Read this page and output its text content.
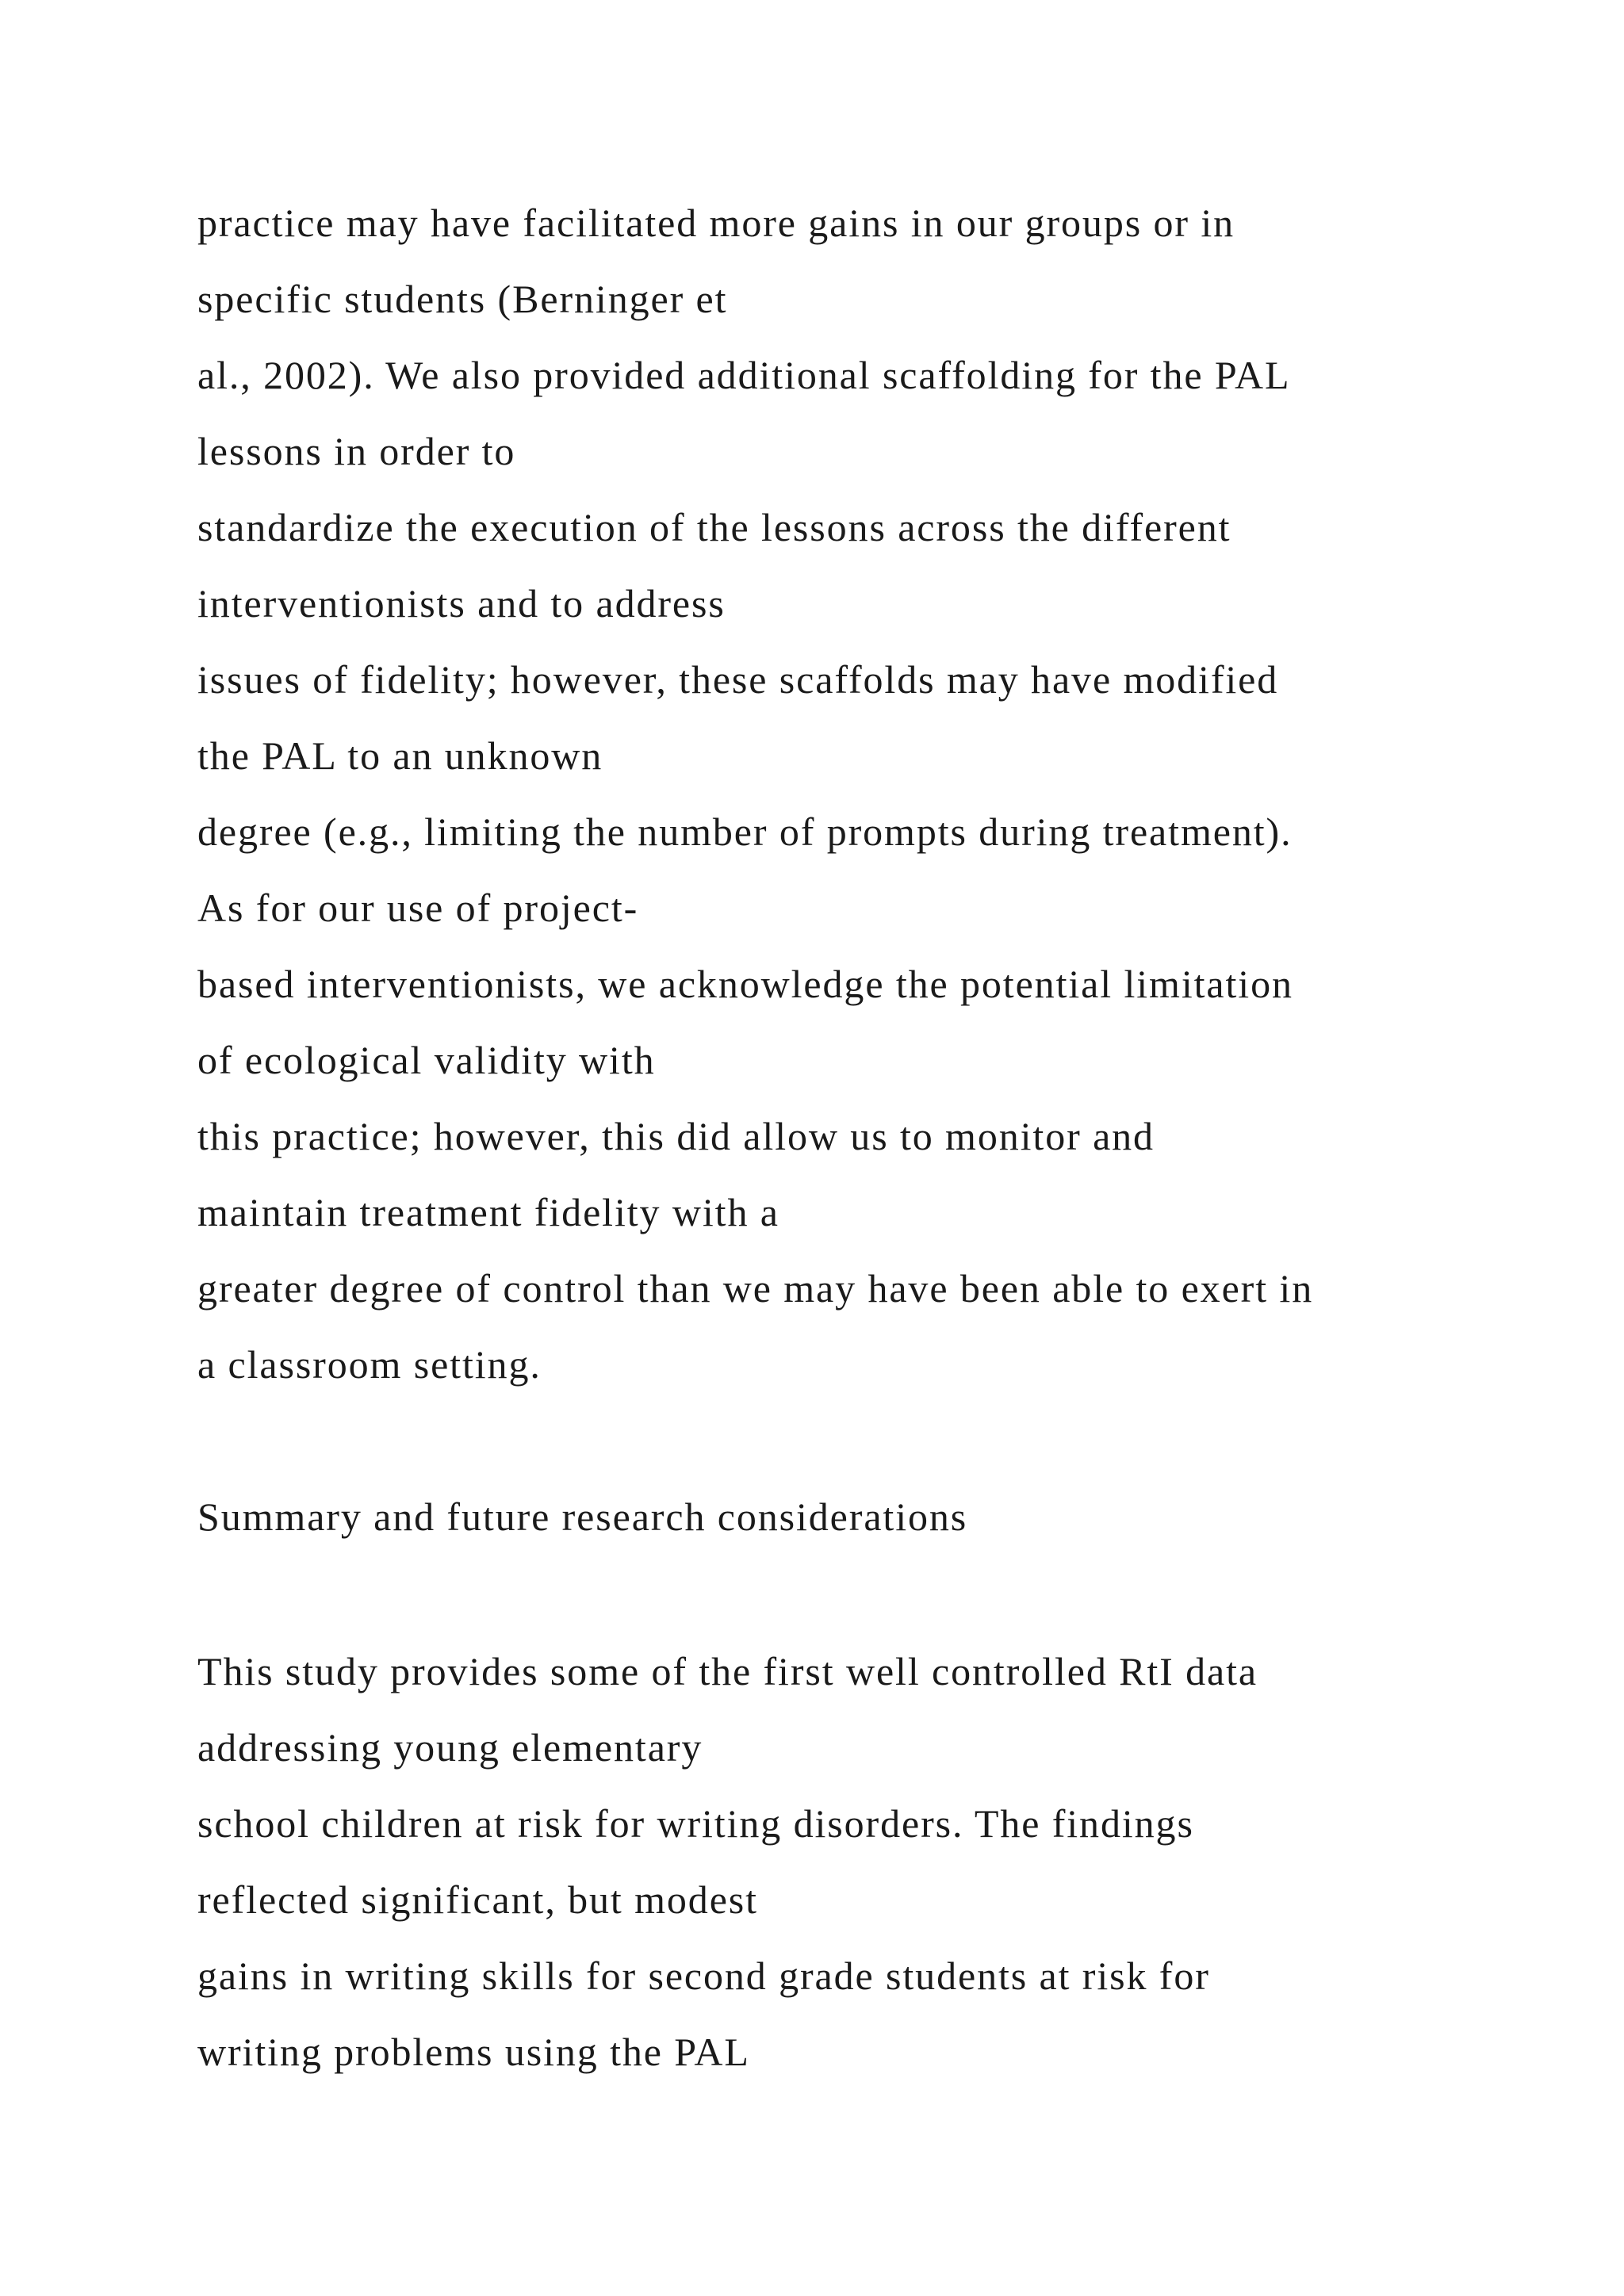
practice may have facilitated more gains in our groups or in
specific students (Berninger et
al., 2002). We also provided additional scaffolding for the PAL
lessons in order to
standardize the execution of the lessons across the different
interventionists and to address
issues of fidelity; however, these scaffolds may have modified
the PAL to an unknown
degree (e.g., limiting the number of prompts during treatment).
As for our use of project-
based interventionists, we acknowledge the potential limitation
of ecological validity with
this practice; however, this did allow us to monitor and
maintain treatment fidelity with a
greater degree of control than we may have been able to exert in
a classroom setting.
Summary and future research considerations
This study provides some of the first well controlled RtI data
addressing young elementary
school children at risk for writing disorders. The findings
reflected significant, but modest
gains in writing skills for second grade students at risk for
writing problems using the PAL
